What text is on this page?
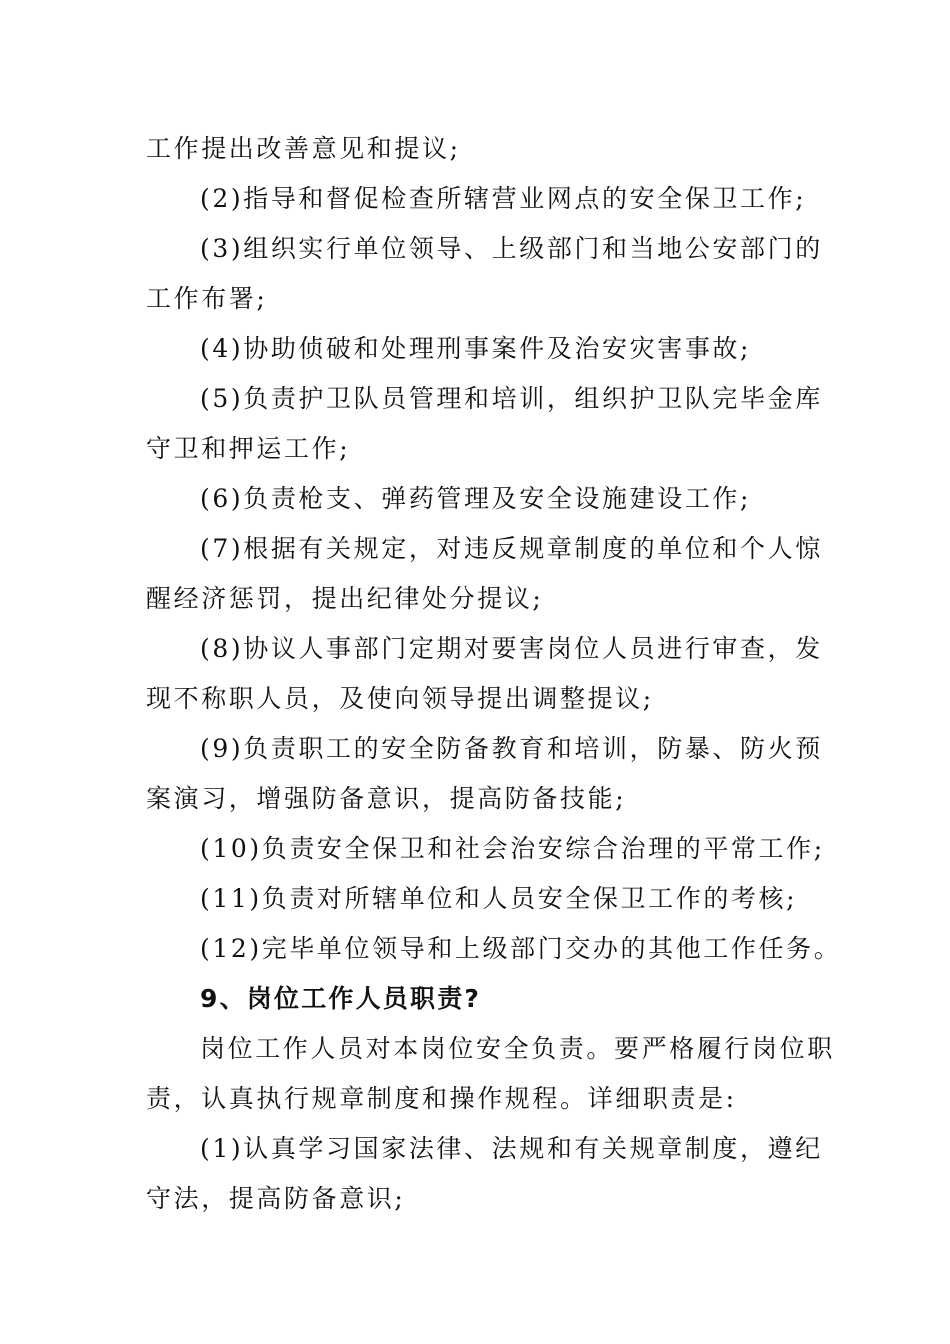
工作提出改善意见和提议;
(2)指导和督促检查所辖营业网点的安全保卫工作;
(3)组织实行单位领导、上级部门和当地公安部门的
工作布署;
(4)协助侦破和处理刑事案件及治安灾害事故;
(5)负责护卫队员管理和培训，组织护卫队完毕金库
守卫和押运工作;
(6)负责枪支、弹药管理及安全设施建设工作;
(7)根据有关规定，对违反规章制度的单位和个人惊
醒经济惩罚，提出纪律处分提议;
(8)协议人事部门定期对要害岗位人员进行审查，发
现不称职人员，及使向领导提出调整提议;
(9)负责职工的安全防备教育和培训，防暴、防火预
案演习，增强防备意识，提高防备技能;
(10)负责安全保卫和社会治安综合治理的平常工作;
(11)负责对所辖单位和人员安全保卫工作的考核;
(12)完毕单位领导和上级部门交办的其他工作任务。
9、岗位工作人员职责?
岗位工作人员对本岗位安全负责。要严格履行岗位职
责，认真执行规章制度和操作规程。详细职责是:
(1)认真学习国家法律、法规和有关规章制度，遵纪
守法，提高防备意识;
